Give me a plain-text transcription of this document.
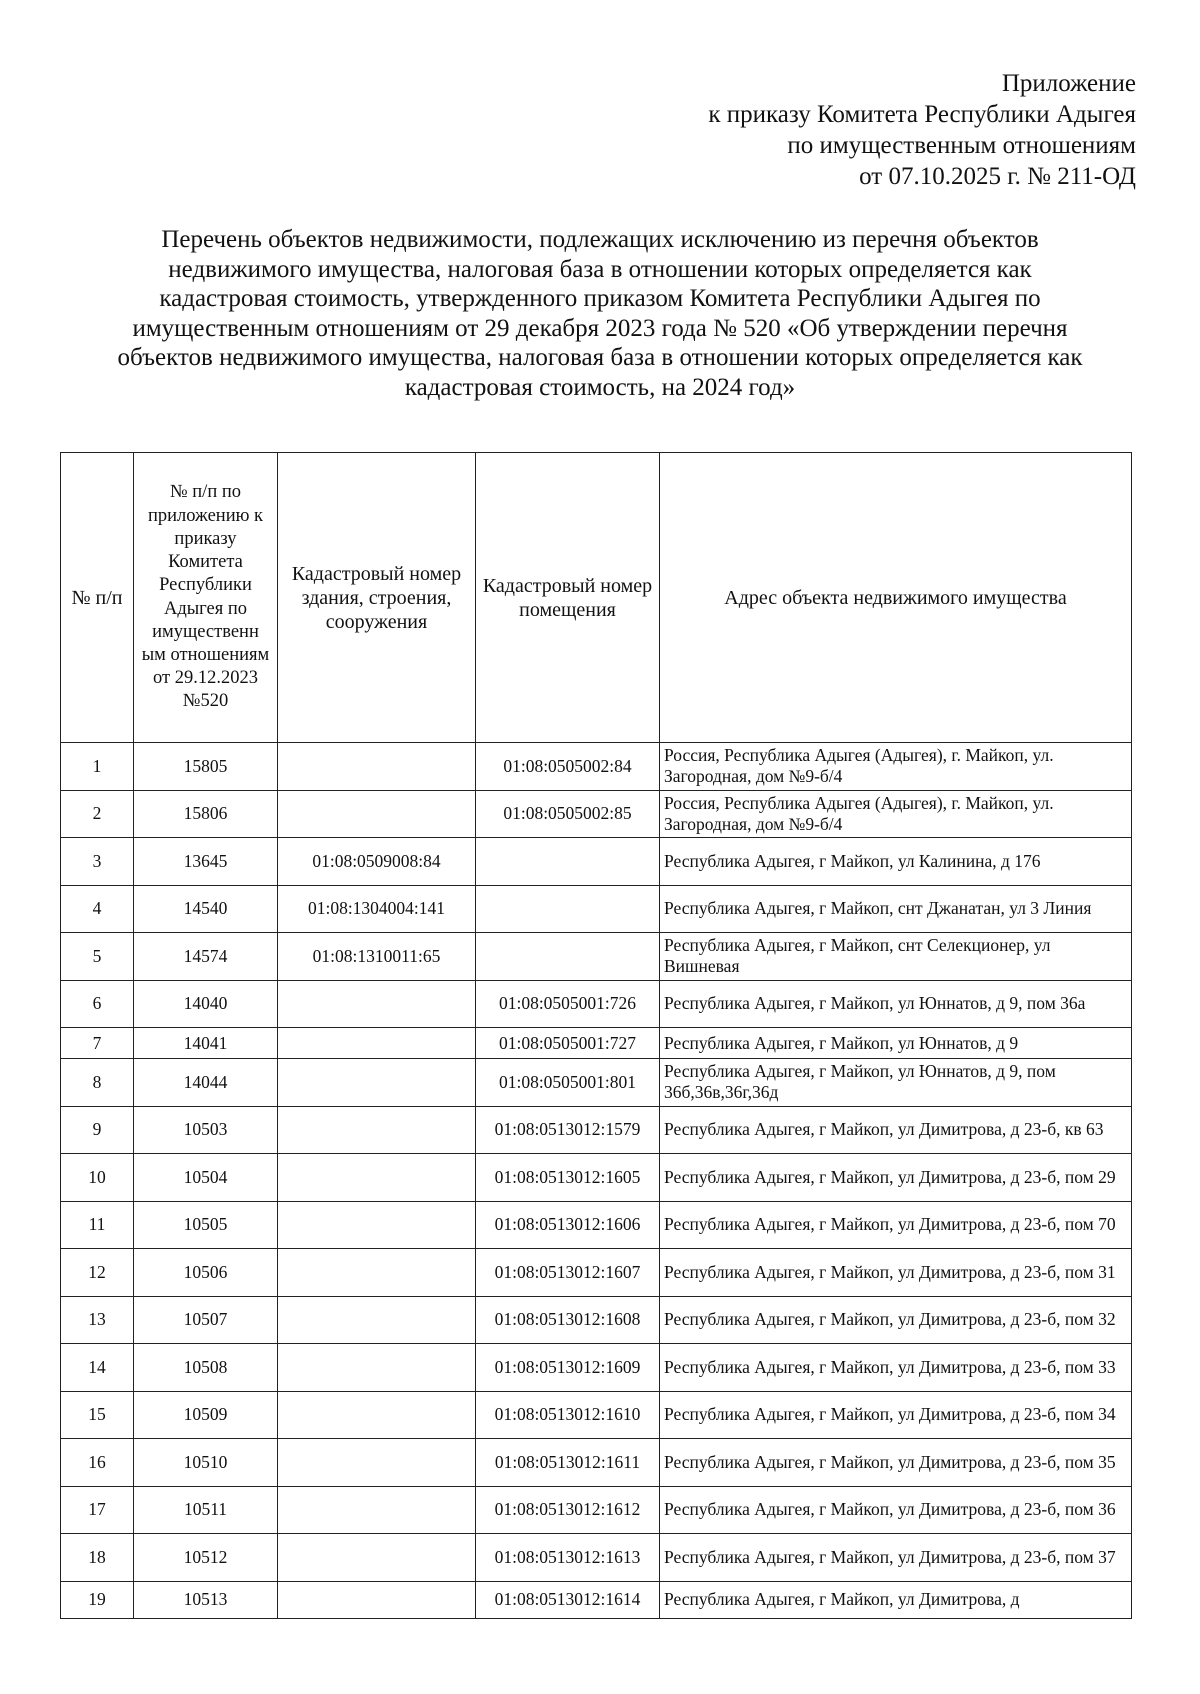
Приложение
к приказу Комитета Республики Адыгея
по имущественным отношениям
от 07.10.2025 г. № 211-ОД
Перечень объектов недвижимости, подлежащих исключению из перечня объектов
недвижимого имущества, налоговая база в отношении которых определяется как
кадастровая стоимость, утвержденного приказом Комитета Республики Адыгея по
имущественным отношениям от 29 декабря 2023 года № 520 «Об утверждении перечня
объектов недвижимого имущества, налоговая база в отношении которых определяется как
кадастровая стоимость, на 2024 год»
№ п/п	№ п/п по приложению к приказу Комитета Республики Адыгея по имущественн ым отношениям от 29.12.2023 №520	Кадастровый номер здания, строения, сооружения	Кадастровый номер помещения	Адрес объекта недвижимого имущества
1	15805		01:08:0505002:84	Россия, Республика Адыгея (Адыгея), г. Майкоп, ул. Загородная, дом №9-б/4
2	15806		01:08:0505002:85	Россия, Республика Адыгея (Адыгея), г. Майкоп, ул. Загородная, дом №9-б/4
3	13645	01:08:0509008:84		Республика Адыгея, г Майкоп, ул Калинина, д 176
4	14540	01:08:1304004:141		Республика Адыгея, г Майкоп, снт Джанатан, ул 3 Линия
5	14574	01:08:1310011:65		Республика Адыгея, г Майкоп, снт Селекционер, ул Вишневая
6	14040		01:08:0505001:726	Республика Адыгея, г Майкоп, ул Юннатов, д 9, пом 36а
7	14041		01:08:0505001:727	Республика Адыгея, г Майкоп, ул Юннатов, д 9
8	14044		01:08:0505001:801	Республика Адыгея, г Майкоп, ул Юннатов, д 9, пом 36б,36в,36г,36д
9	10503		01:08:0513012:1579	Республика Адыгея, г Майкоп, ул Димитрова, д 23-б, кв 63
10	10504		01:08:0513012:1605	Республика Адыгея, г Майкоп, ул Димитрова, д 23-б, пом 29
11	10505		01:08:0513012:1606	Республика Адыгея, г Майкоп, ул Димитрова, д 23-б, пом 70
12	10506		01:08:0513012:1607	Республика Адыгея, г Майкоп, ул Димитрова, д 23-б, пом 31
13	10507		01:08:0513012:1608	Республика Адыгея, г Майкоп, ул Димитрова, д 23-б, пом 32
14	10508		01:08:0513012:1609	Республика Адыгея, г Майкоп, ул Димитрова, д 23-б, пом 33
15	10509		01:08:0513012:1610	Республика Адыгея, г Майкоп, ул Димитрова, д 23-б, пом 34
16	10510		01:08:0513012:1611	Республика Адыгея, г Майкоп, ул Димитрова, д 23-б, пом 35
17	10511		01:08:0513012:1612	Республика Адыгея, г Майкоп, ул Димитрова, д 23-б, пом 36
18	10512		01:08:0513012:1613	Республика Адыгея, г Майкоп, ул Димитрова, д 23-б, пом 37
19	10513		01:08:0513012:1614	Республика Адыгея, г Майкоп, ул Димитрова, д
